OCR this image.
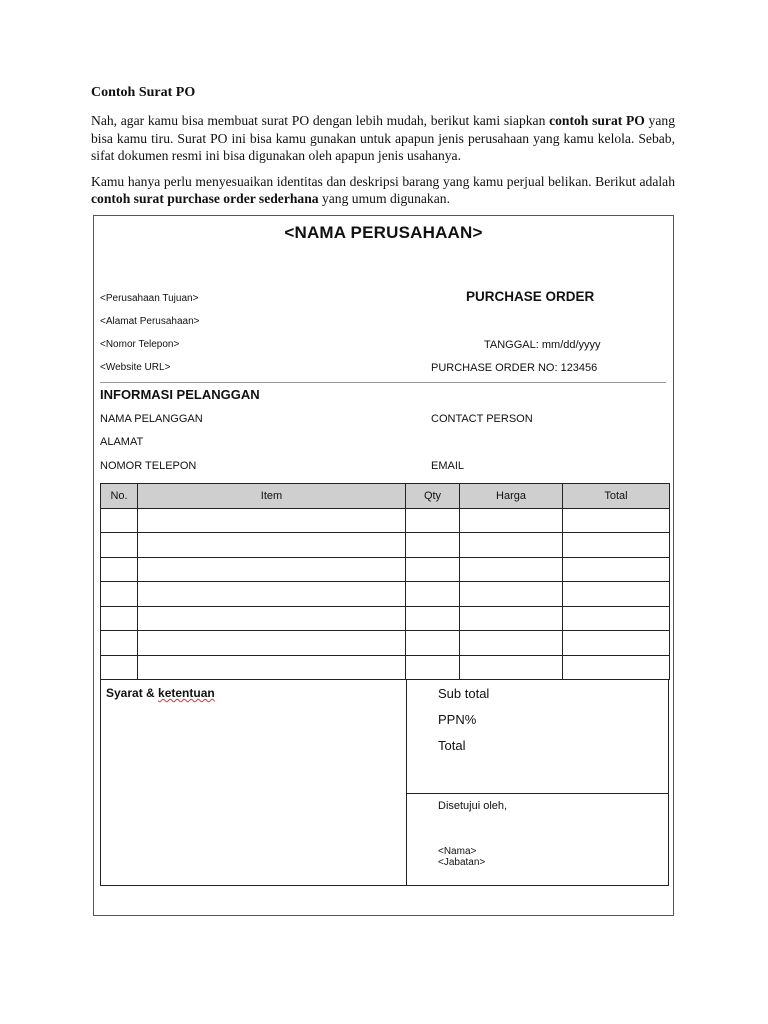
Contoh Surat PO

Nah, agar kamu bisa membuat surat PO dengan lebih mudah, berikut kami siapkan contoh surat PO yang bisa kamu tiru. Surat PO ini bisa kamu gunakan untuk apapun jenis perusahaan yang kamu kelola. Sebab, sifat dokumen resmi ini bisa digunakan oleh apapun jenis usahanya.

Kamu hanya perlu menyesuaikan identitas dan deskripsi barang yang kamu perjual belikan. Berikut adalah contoh surat purchase order sederhana yang umum digunakan.

<NAMA PERUSAHAAN>
<Perusahaan Tujuan>
<Alamat Perusahaan>
<Nomor Telepon>
<Website URL>
PURCHASE ORDER
TANGGAL: mm/dd/yyyy
PURCHASE ORDER NO: 123456
INFORMASI PELANGGAN
NAMA PELANGGAN	CONTACT PERSON
ALAMAT
NOMOR TELEPON	EMAIL
No.	Item	Qty	Harga	Total

Syarat & ketentuan	Sub total
PPN%
Total
Disetujui oleh,
<Nama>
<Jabatan>
